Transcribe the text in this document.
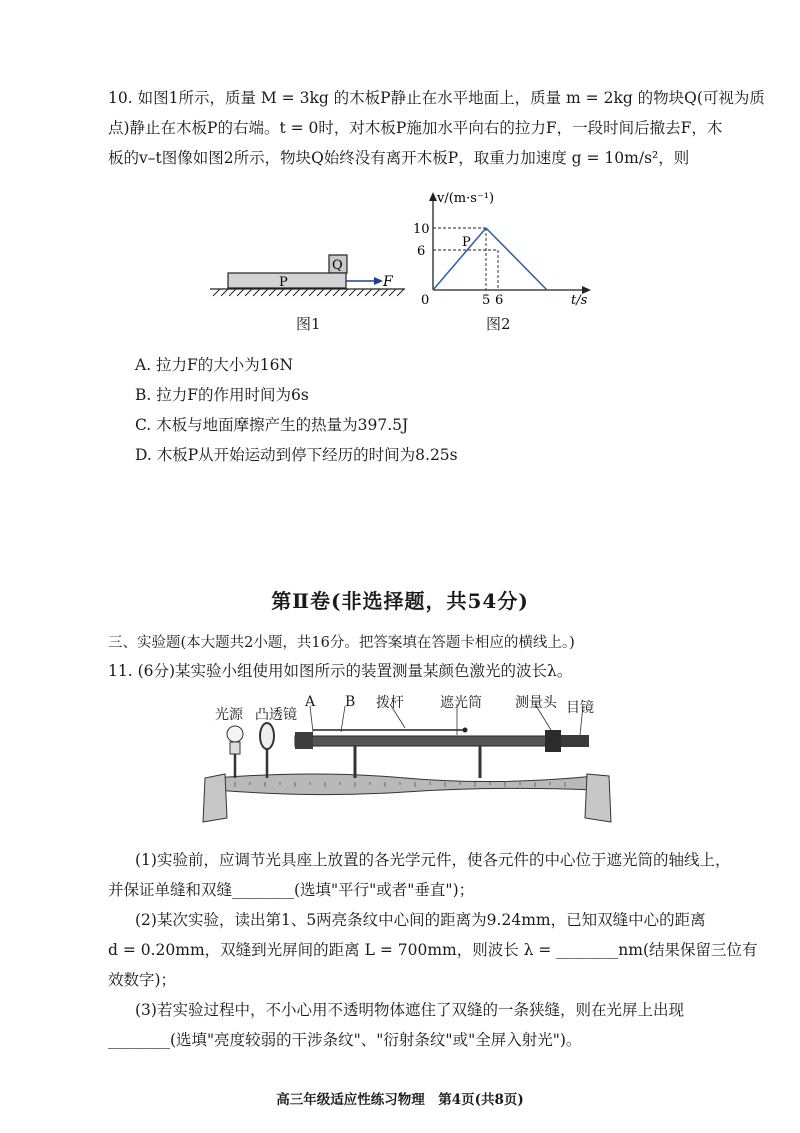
10. 如图1所示，质量 M = 3kg 的木板P静止在水平地面上，质量 m = 2kg 的物块Q(可视为质
点)静止在木板P的右端。t = 0时，对木板P施加水平向右的拉力F，一段时间后撤去F，木
板的v–t图像如图2所示，物块Q始终没有离开木板P，取重力加速度 g = 10m/s²，则
P
Q
F
图1
v/(m·s⁻¹)
10
6
0	5 6	t/s
P
图2
A. 拉力F的大小为16N
B. 拉力F的作用时间为6s
C. 木板与地面摩擦产生的热量为397.5J
D. 木板P从开始运动到停下经历的时间为8.25s
第Ⅱ卷(非选择题，共54分)
三、实验题(本大题共2小题，共16分。把答案填在答题卡相应的横线上。)
11. (6分)某实验小组使用如图所示的装置测量某颜色激光的波长λ。
光源 凸透镜
A B 拨杆	遮光筒 测量头 目镜
(1)实验前，应调节光具座上放置的各光学元件，使各元件的中心位于遮光筒的轴线上，
并保证单缝和双缝________(选填"平行"或者"垂直")；
(2)某次实验，读出第1、5两亮条纹中心间的距离为9.24mm，已知双缝中心的距离
d = 0.20mm，双缝到光屏间的距离 L = 700mm，则波长 λ = ________nm(结果保留三位有
效数字)；
(3)若实验过程中，不小心用不透明物体遮住了双缝的一条狭缝，则在光屏上出现
________(选填"亮度较弱的干涉条纹"、"衍射条纹"或"全屏入射光")。
高三年级适应性练习物理　第4页(共8页)
